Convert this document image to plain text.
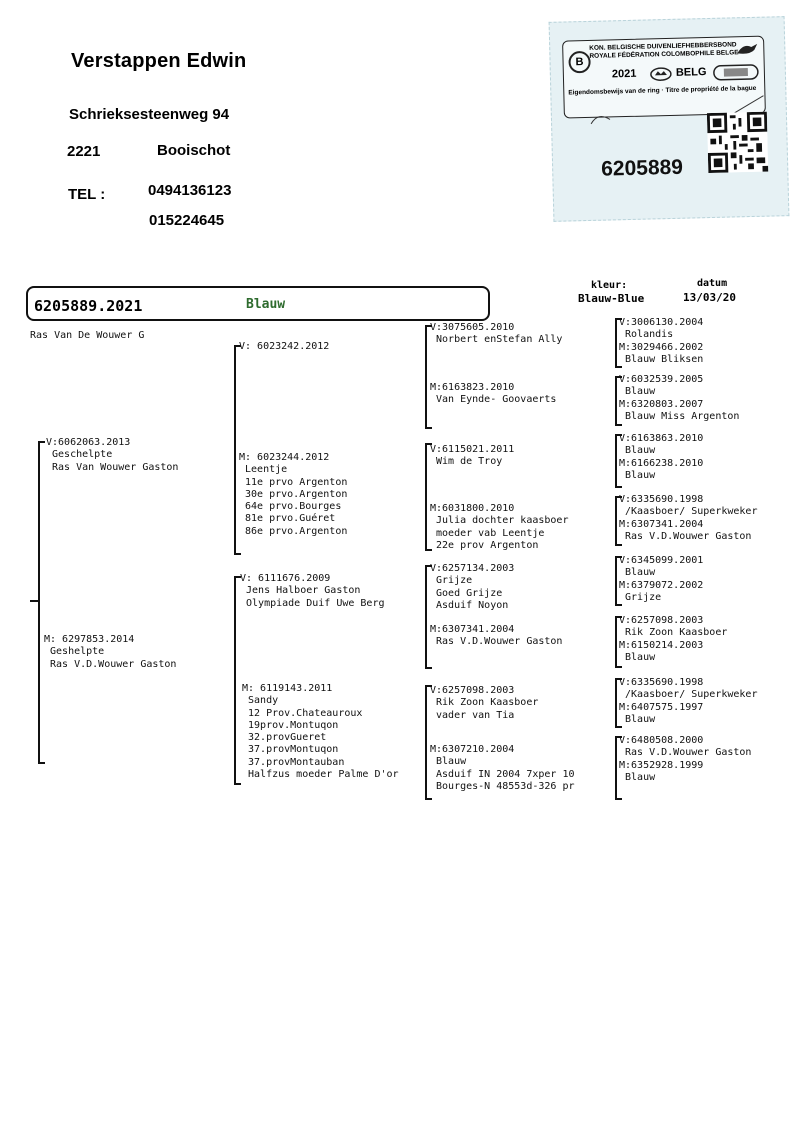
Verstappen Edwin
Schrieksesteenweg 94
2221	Booischot
TEL :	0494136123
015224645
KON. BELGISCHE DUIVENLIEFHEBBERSBOND
ROYALE FÉDÉRATION COLOMBOPHILE BELGE
B
2021	BELG
Eigendomsbewijs van de ring · Titre de propriété de la bague
6205889
6205889.2021	Blauw
kleur:
Blauw-Blue
datum
13/03/20
Ras Van De Wouwer G
V:6062063.2013
Geschelpte
Ras Van Wouwer Gaston
M: 6297853.2014
Geshelpte
Ras V.D.Wouwer Gaston
V: 6023242.2012
M: 6023244.2012
Leentje
11e prvo Argenton
30e prvo.Argenton
64e prvo.Bourges
81e prvo.Guéret
86e prvo.Argenton
V: 6111676.2009
Jens Halboer Gaston
Olympiade Duif Uwe Berg
M: 6119143.2011
Sandy
12 Prov.Chateauroux
19prov.Montuqon
32.provGueret
37.provMontuqon
37.provMontauban
Halfzus moeder Palme D'or
V:3075605.2010
Norbert enStefan Ally
M:6163823.2010
Van Eynde- Goovaerts
V:6115021.2011
Wim de Troy
M:6031800.2010
Julia dochter kaasboer
moeder vab Leentje
22e prov Argenton
V:6257134.2003
Grijze
Goed Grijze
Asduif Noyon
M:6307341.2004
Ras V.D.Wouwer Gaston
V:6257098.2003
Rik Zoon Kaasboer
vader van Tia
M:6307210.2004
Blauw
Asduif IN 2004 7xper 10
Bourges-N 48553d-326 pr
V:3006130.2004
Rolandis
M:3029466.2002
Blauw Bliksen
V:6032539.2005
Blauw
M:6320803.2007
Blauw Miss Argenton
V:6163863.2010
Blauw
M:6166238.2010
Blauw
V:6335690.1998
/Kaasboer/ Superkweker
M:6307341.2004
Ras V.D.Wouwer Gaston
V:6345099.2001
Blauw
M:6379072.2002
Grijze
V:6257098.2003
Rik Zoon Kaasboer
M:6150214.2003
Blauw
V:6335690.1998
/Kaasboer/ Superkweker
M:6407575.1997
Blauw
V:6480508.2000
Ras V.D.Wouwer Gaston
M:6352928.1999
Blauw
